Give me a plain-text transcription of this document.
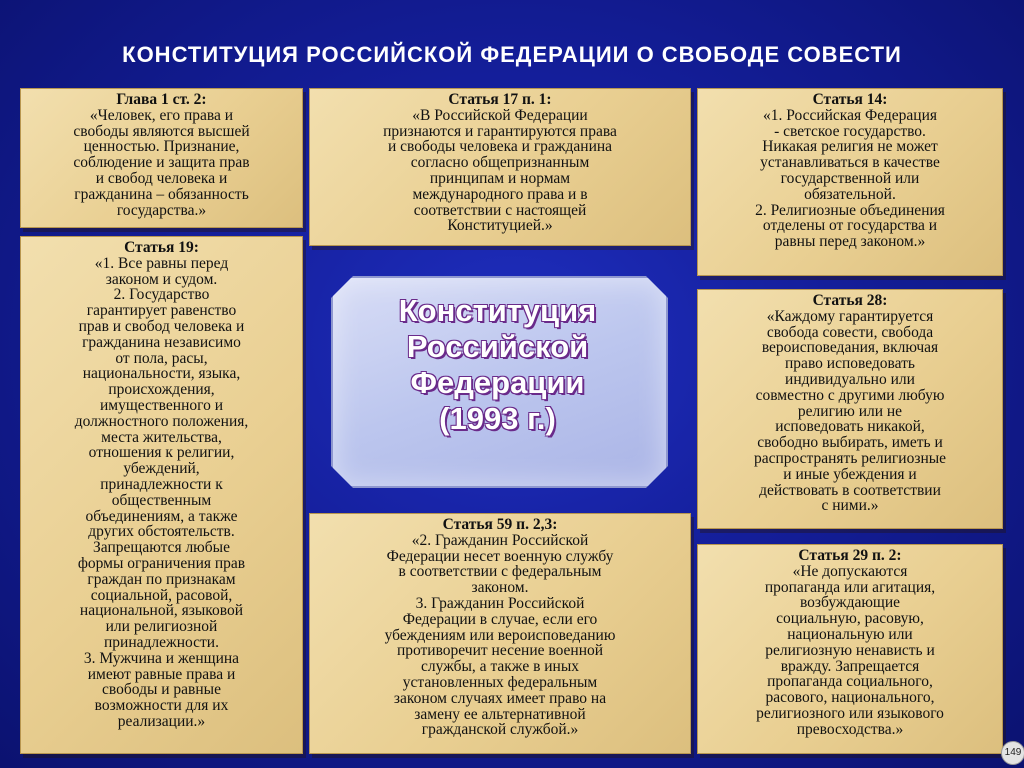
КОНСТИТУЦИЯ РОССИЙСКОЙ ФЕДЕРАЦИИ О СВОБОДЕ СОВЕСТИ
Глава 1 ст. 2:
«Человек, его права и
свободы являются высшей
ценностью. Признание,
соблюдение и защита прав
и свобод человека и
гражданина – обязанность
государства.»
Статья 17 п. 1:
«В Российской Федерации
признаются и гарантируются права
и свободы человека и гражданина
согласно общепризнанным
принципам и нормам
международного права и в
соответствии с настоящей
Конституцией.»
Статья 14:
«1. Российская Федерация
- светское государство.
Никакая религия не может
устанавливаться в качестве
государственной или
обязательной.
2. Религиозные объединения
отделены от государства и
равны перед законом.»
Статья 19:
«1. Все равны перед
законом и судом.
2. Государство
гарантирует равенство
прав и свобод человека и
гражданина независимо
от пола, расы,
национальности, языка,
происхождения,
имущественного и
должностного положения,
места жительства,
отношения к религии,
убеждений,
принадлежности к
общественным
объединениям, а также
других обстоятельств.
Запрещаются любые
формы ограничения прав
граждан по признакам
социальной, расовой,
национальной, языковой
или религиозной
принадлежности.
3. Мужчина и женщина
имеют равные права и
свободы и равные
возможности для их
реализации.»
Статья 28:
«Каждому гарантируется
свобода совести, свобода
вероисповедания, включая
право исповедовать
индивидуально или
совместно с другими любую
религию или не
исповедовать никакой,
свободно выбирать, иметь и
распространять религиозные
и иные убеждения и
действовать в соответствии
с ними.»
Статья 59 п. 2,3:
«2. Гражданин Российской
Федерации несет военную службу
в соответствии с федеральным
законом.
3. Гражданин Российской
Федерации в случае, если его
убеждениям или вероисповеданию
противоречит несение военной
службы, а также в иных
установленных федеральным
законом случаях имеет право на
замену ее альтернативной
гражданской службой.»
Статья 29 п. 2:
«Не допускаются
пропаганда или агитация,
возбуждающие
социальную, расовую,
национальную или
религиозную ненависть и
вражду. Запрещается
пропаганда социального,
расового, национального,
религиозного или языкового
превосходства.»
Конституция
Российской
Федерации
(1993 г.)
149
